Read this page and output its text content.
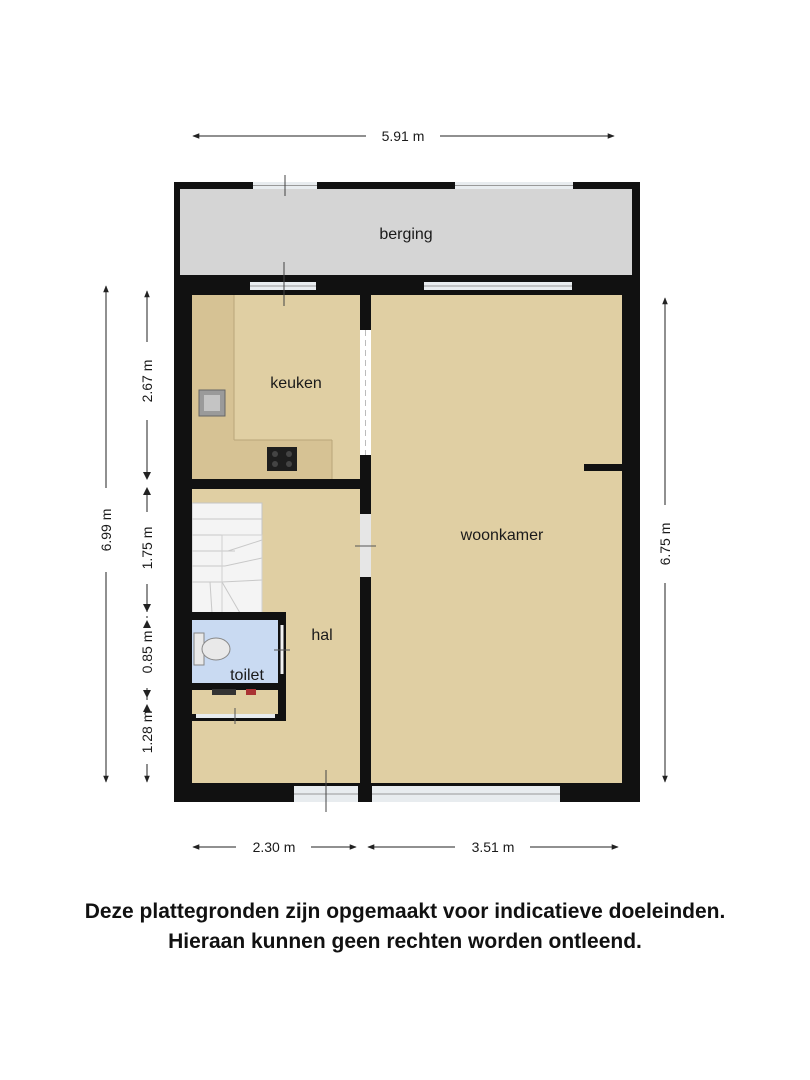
berging
keuken
woonkamer
hal
toilet
5.91 m
6.99 m
2.67 m
1.75 m
0.85 m
1.28 m
6.75 m
2.30 m	3.51 m
Deze plattegronden zijn opgemaakt voor indicatieve doeleinden.
Hieraan kunnen geen rechten worden ontleend.
